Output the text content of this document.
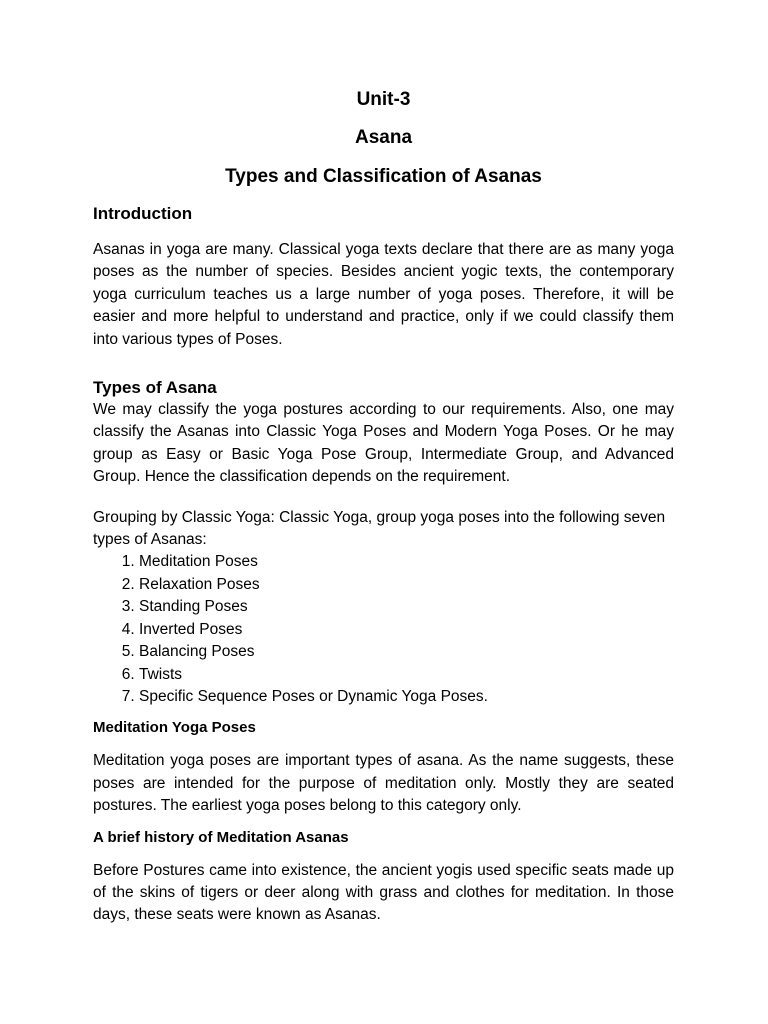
Unit-3

Asana

Types and Classification of Asanas

Introduction

Asanas in yoga are many. Classical yoga texts declare that there are as many yoga poses as the number of species. Besides ancient yogic texts, the contemporary yoga curriculum teaches us a large number of yoga poses. Therefore, it will be easier and more helpful to understand and practice, only if we could classify them into various types of Poses.

Types of Asana

We may classify the yoga postures according to our requirements. Also, one may classify the Asanas into Classic Yoga Poses and Modern Yoga Poses. Or he may group as Easy or Basic Yoga Pose Group, Intermediate Group, and Advanced Group. Hence the classification depends on the requirement.

Grouping by Classic Yoga: Classic Yoga, group yoga poses into the following seven types of Asanas:

1. Meditation Poses
2. Relaxation Poses
3. Standing Poses
4. Inverted Poses
5. Balancing Poses
6. Twists
7. Specific Sequence Poses or Dynamic Yoga Poses.

Meditation Yoga Poses

Meditation yoga poses are important types of asana. As the name suggests, these poses are intended for the purpose of meditation only. Mostly they are seated postures. The earliest yoga poses belong to this category only.

A brief history of Meditation Asanas

Before Postures came into existence, the ancient yogis used specific seats made up of the skins of tigers or deer along with grass and clothes for meditation. In those days, these seats were known as Asanas.
